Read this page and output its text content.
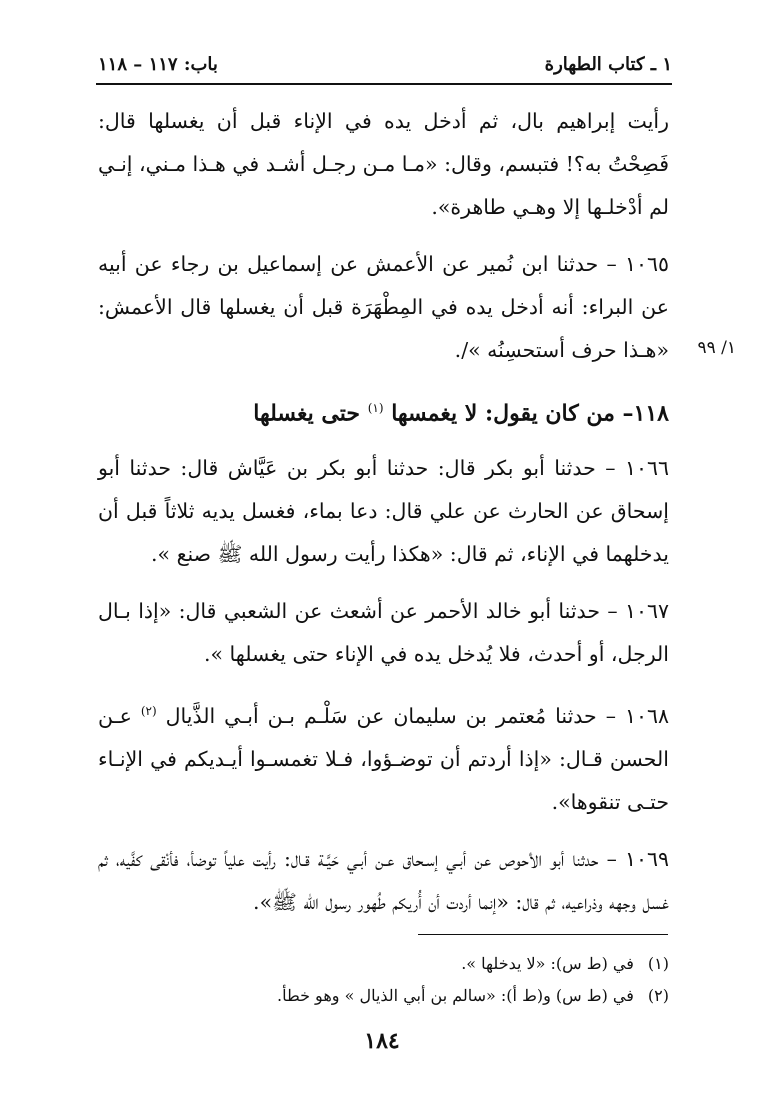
١ ـ كتاب الطهارة
باب: ١١٧ – ١١٨
١/ ٩٩

رأيت إبراهيم بال، ثم أدخل يده في الإناء قبل أن يغسلها قال: فَصِحْتُ به؟! فتبسم، وقال: «مـا مـن رجـل أشـد في هـذا مـني، إنـي لم أدْخلـها إلا وهـي طاهرة».

١٠٦٥ – حدثنا ابن نُمير عن الأعمش عن إسماعيل بن رجاء عن أبيه عن البراء: أنه أدخل يده في المِطْهَرَة قبل أن يغسلها قال الأعمش: «هـذا حرف أستحسِنُه »/.

١١٨– من كان يقول: لا يغمسها $^{(١)}$ حتى يغسلها

١٠٦٦ – حدثنا أبو بكر قال: حدثنا أبو بكر بن عَيَّاش قال: حدثنا أبو إسحاق عن الحارث عن علي قال: دعا بماء، فغسل يديه ثلاثاً قبل أن يدخلهما في الإناء، ثم قال: «هكذا رأيت رسول الله ﷺ صنع ».

١٠٦٧ – حدثنا أبو خالد الأحمر عن أشعث عن الشعبي قال: «إذا بـال الرجل، أو أحدث، فلا يُدخل يده في الإناء حتى يغسلها ».

١٠٦٨ – حدثنا مُعتمر بن سليمان عن سَلْـم بـن أبـي الذَّيال $^{(٢)}$ عـن الحسن قـال: «إذا أردتم أن توضـؤوا، فـلا تغمسـوا أيـديكم في الإنـاء حتـى تنقوها».

١٠٦٩ – حدثنا أبو الأحوص عن أبـي إسـحاق عـن أبـي حَيَّـة قـال: رأيت علياً توضأ، فأنْقى كفَّيه، ثم غسل وجهه وذراعيه، ثم قال: «إنما أردت أن أُريكم طُهور رسول الله ﷺ».

(١)
في (ط س): «لا يدخلها ».
(٢)
في (ط س) و(ط أ): «سالم بن أبي الذيال » وهو خطأ.
١٨٤
